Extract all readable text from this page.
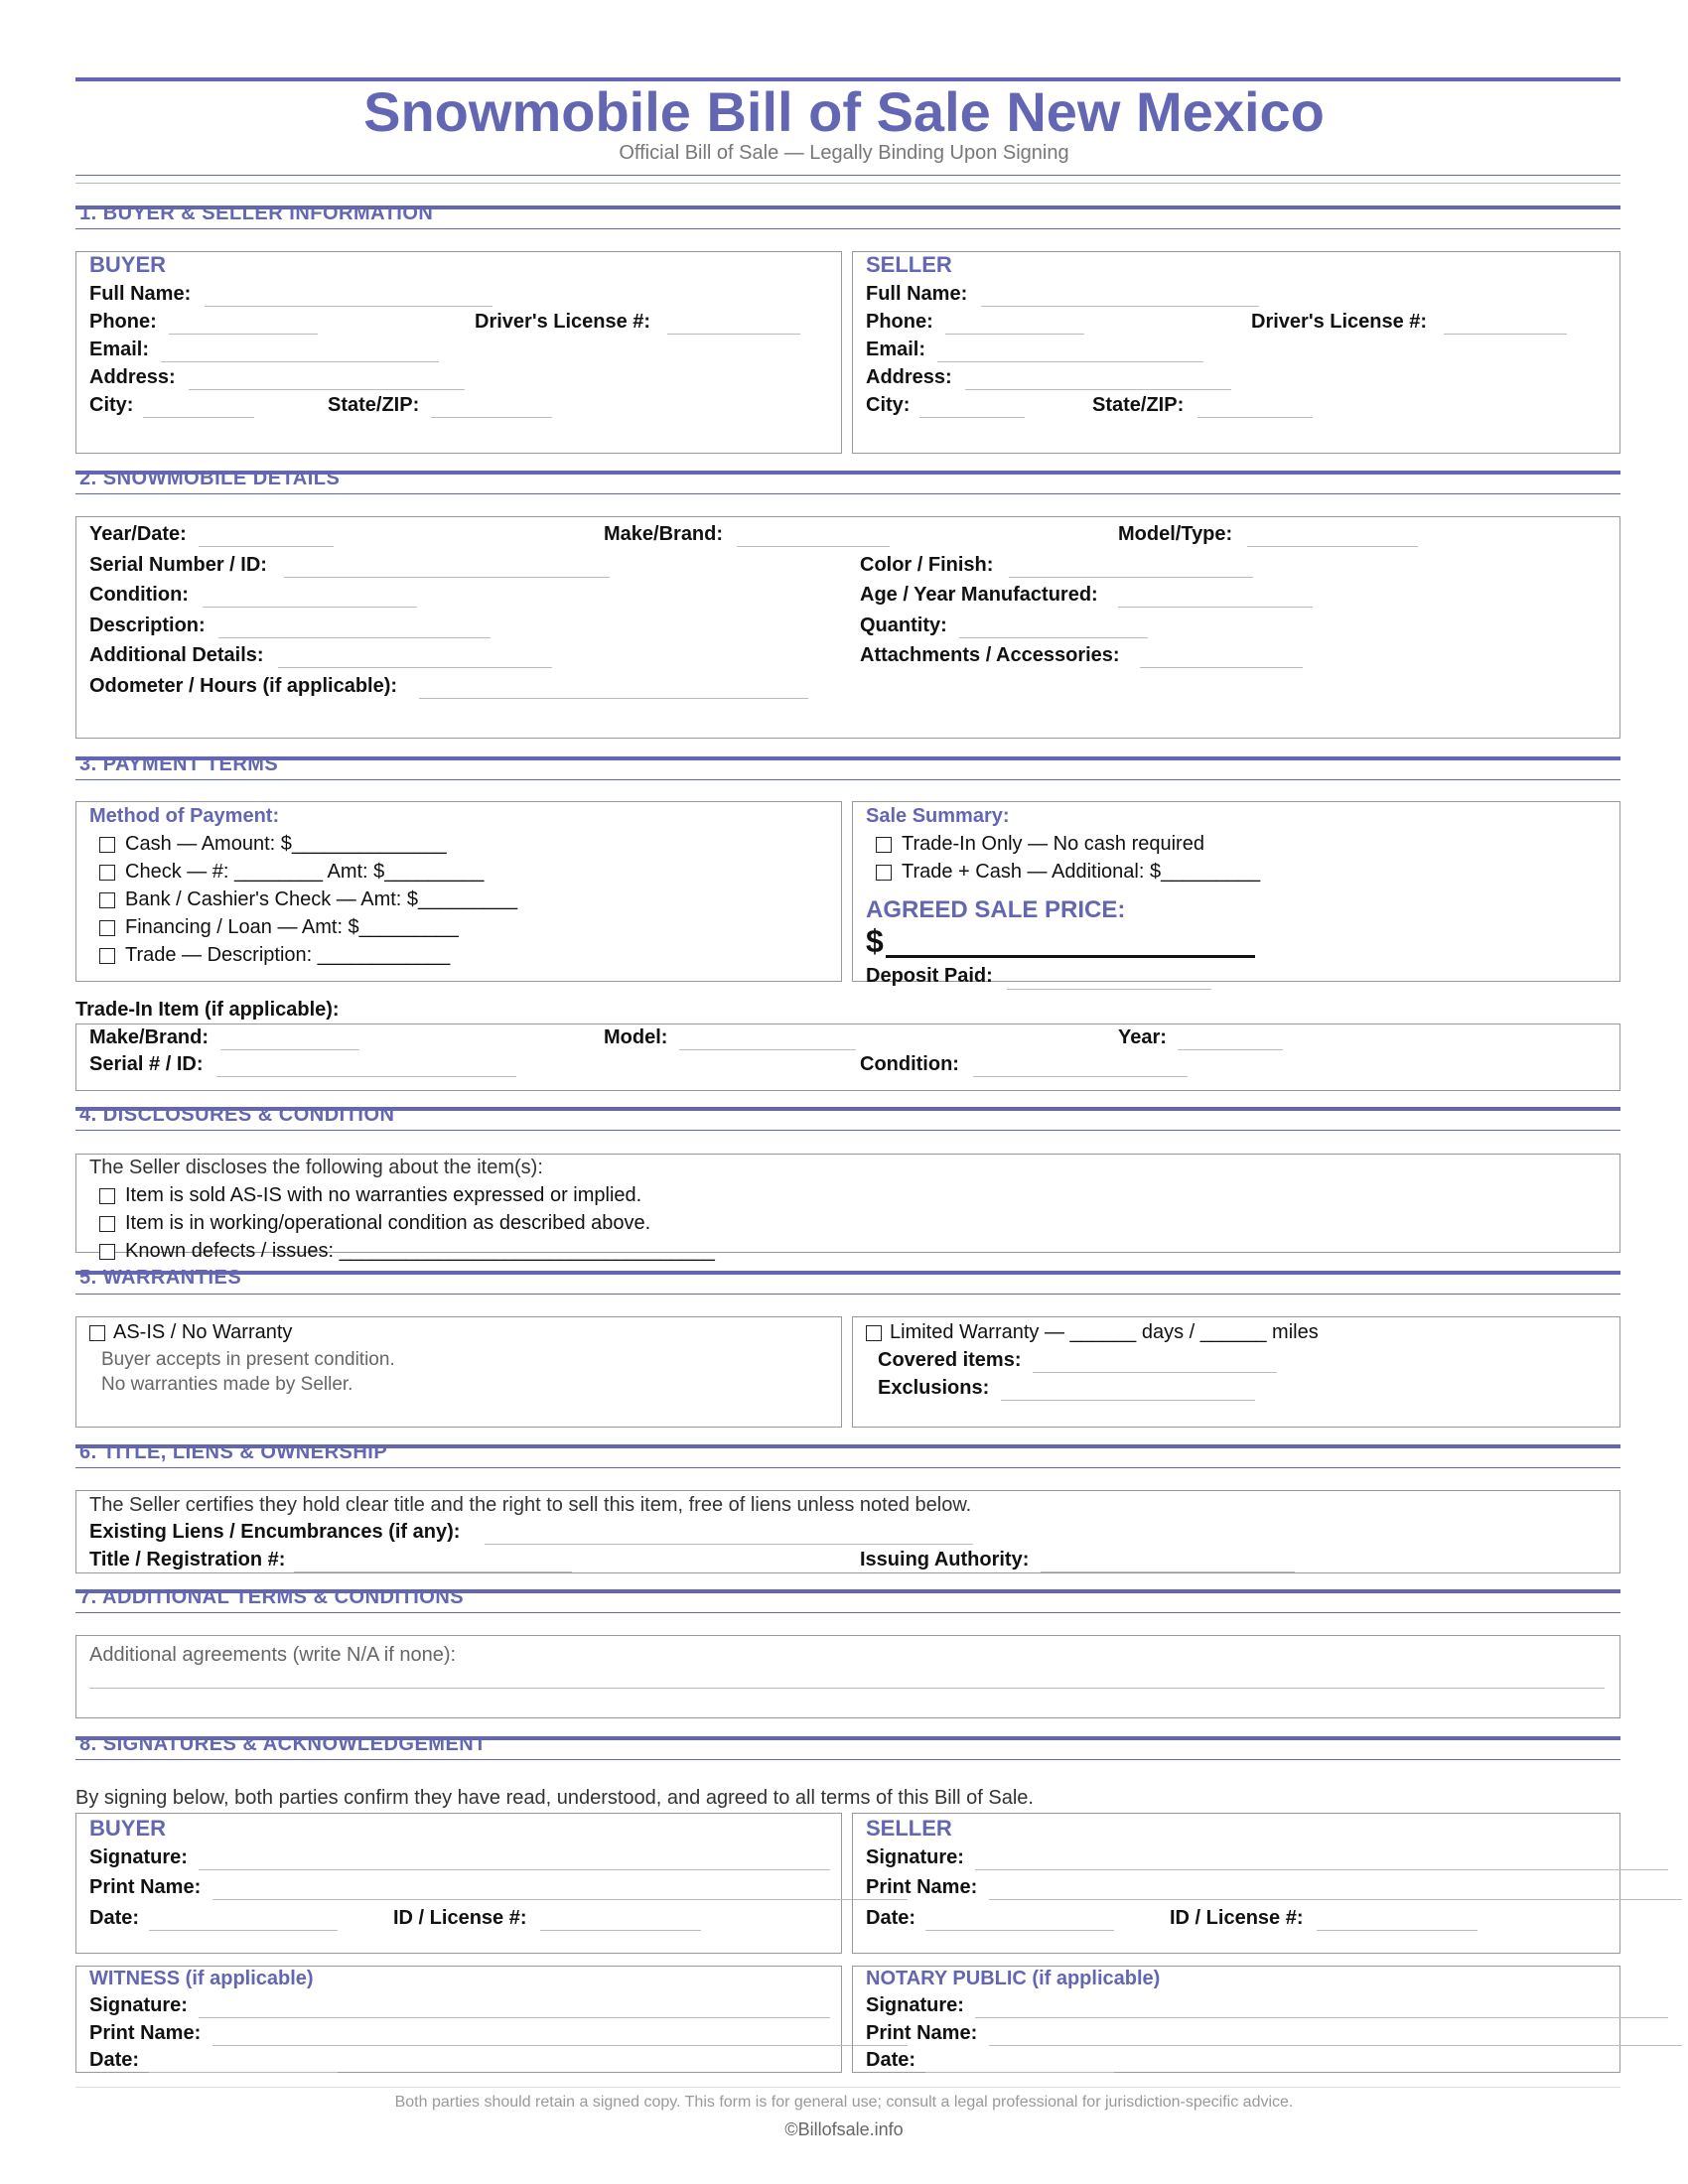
Snowmobile Bill of Sale New Mexico
Official Bill of Sale — Legally Binding Upon Signing
1. BUYER & SELLER INFORMATION
BUYER
Full Name:
Phone:	Driver's License #:
Email:
Address:
City:	State/ZIP:
SELLER
Full Name:
Phone:	Driver's License #:
Email:
Address:
City:	State/ZIP:
2. SNOWMOBILE DETAILS
Year/Date:	Make/Brand:	Model/Type:
Serial Number / ID:	Color / Finish:
Condition:	Age / Year Manufactured:
Description:	Quantity:
Additional Details:	Attachments / Accessories:
Odometer / Hours (if applicable):
3. PAYMENT TERMS
Method of Payment:
Cash — Amount: $______________
Check — #: ________ Amt: $_________
Bank / Cashier's Check — Amt: $_________
Financing / Loan — Amt: $_________
Trade — Description: ____________
Sale Summary:
Trade-In Only — No cash required
Trade + Cash — Additional: $_________
AGREED SALE PRICE:
$
Deposit Paid:
Trade-In Item (if applicable):
Make/Brand:	Model:	Year:
Serial # / ID:	Condition:
4. DISCLOSURES & CONDITION
The Seller discloses the following about the item(s):
Item is sold AS-IS with no warranties expressed or implied.
Item is in working/operational condition as described above.
Known defects / issues: __________________________________
5. WARRANTIES
AS-IS / No Warranty
Buyer accepts in present condition.
No warranties made by Seller.
Limited Warranty — ______ days / ______ miles
Covered items:
Exclusions:
6. TITLE, LIENS & OWNERSHIP
The Seller certifies they hold clear title and the right to sell this item, free of liens unless noted below.
Existing Liens / Encumbrances (if any):
Title / Registration #:	Issuing Authority:
7. ADDITIONAL TERMS & CONDITIONS
Additional agreements (write N/A if none):
8. SIGNATURES & ACKNOWLEDGEMENT
By signing below, both parties confirm they have read, understood, and agreed to all terms of this Bill of Sale.
BUYER
Signature:
Print Name:
Date:	ID / License #:
SELLER
Signature:
Print Name:
Date:	ID / License #:
WITNESS (if applicable)
Signature:
Print Name:
Date:
NOTARY PUBLIC (if applicable)
Signature:
Print Name:
Date:
Both parties should retain a signed copy. This form is for general use; consult a legal professional for jurisdiction-specific advice.
©Billofsale.info
